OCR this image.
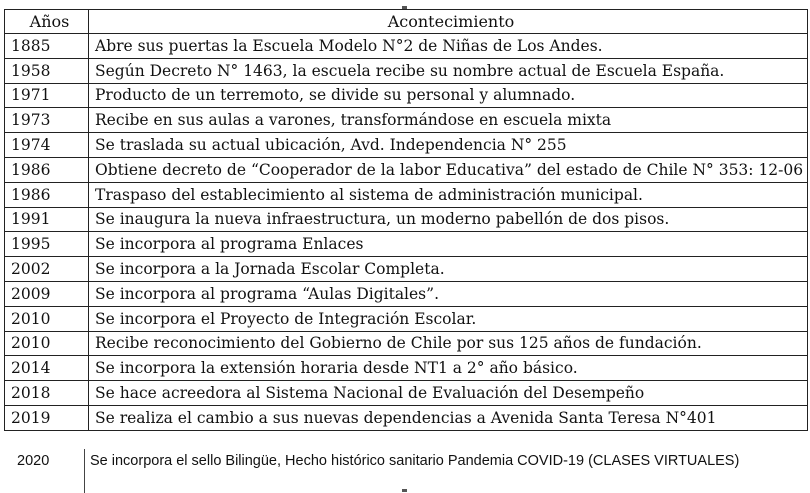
Años	Acontecimiento
1885	Abre sus puertas la Escuela Modelo N°2 de Niñas de Los Andes.
1958	Según Decreto N° 1463, la escuela recibe su nombre actual de Escuela España.
1971	Producto de un terremoto, se divide su personal y alumnado.
1973	Recibe en sus aulas a varones, transformándose en escuela mixta
1974	Se traslada su actual ubicación, Avd. Independencia N° 255
1986	Obtiene decreto de “Cooperador de la labor Educativa” del estado de Chile N° 353: 12-06
1986	Traspaso del establecimiento al sistema de administración municipal.
1991	Se inaugura la nueva infraestructura, un moderno pabellón de dos pisos.
1995	Se incorpora al programa Enlaces
2002	Se incorpora a la Jornada Escolar Completa.
2009	Se incorpora al programa “Aulas Digitales”.
2010	Se incorpora el Proyecto de Integración Escolar.
2010	Recibe reconocimiento del Gobierno de Chile por sus 125 años de fundación.
2014	Se incorpora la extensión horaria desde NT1 a 2° año básico.
2018	Se hace acreedora al Sistema Nacional de Evaluación del Desempeño
2019	Se realiza el cambio a sus nuevas dependencias a Avenida Santa Teresa N°401
2020	Se incorpora el sello Bilingüe, Hecho histórico sanitario Pandemia COVID-19 (CLASES VIRTUALES)
